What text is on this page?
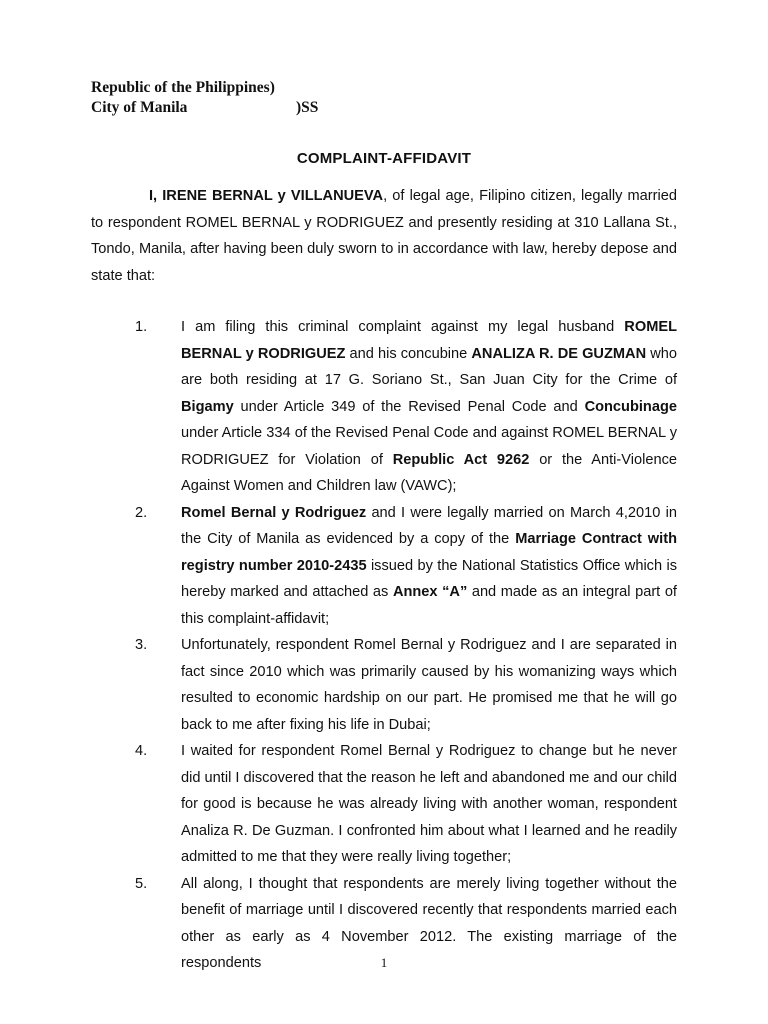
Republic of the Philippines)
City of Manila	)SS
COMPLAINT-AFFIDAVIT

I, IRENE BERNAL y VILLANUEVA, of legal age, Filipino citizen, legally married to respondent ROMEL BERNAL y RODRIGUEZ and presently residing at 310 Lallana St., Tondo, Manila, after having been duly sworn to in accordance with law, hereby depose and state that:

1.	I am filing this criminal complaint against my legal husband ROMEL BERNAL y RODRIGUEZ and his concubine ANALIZA R. DE GUZMAN who are both residing at 17 G. Soriano St., San Juan City for the Crime of Bigamy under Article 349 of the Revised Penal Code and Concubinage under Article 334 of the Revised Penal Code and against ROMEL BERNAL y RODRIGUEZ for Violation of Republic Act 9262 or the Anti-Violence Against Women and Children law (VAWC);
2.	Romel Bernal y Rodriguez and I were legally married on March 4,2010 in the City of Manila as evidenced by a copy of the Marriage Contract with registry number 2010-2435 issued by the National Statistics Office which is hereby marked and attached as Annex “A” and made as an integral part of this complaint-affidavit;
3.	Unfortunately, respondent Romel Bernal y Rodriguez and I are separated in fact since 2010 which was primarily caused by his womanizing ways which resulted to economic hardship on our part. He promised me that he will go back to me after fixing his life in Dubai;
4.	I waited for respondent Romel Bernal y Rodriguez to change but he never did until I discovered that the reason he left and abandoned me and our child for good is because he was already living with another woman, respondent Analiza R. De Guzman. I confronted him about what I learned and he readily admitted to me that they were really living together;
5.	All along, I thought that respondents are merely living together without the benefit of marriage until I discovered recently that respondents married each other as early as 4 November 2012. The existing marriage of the respondents	1
